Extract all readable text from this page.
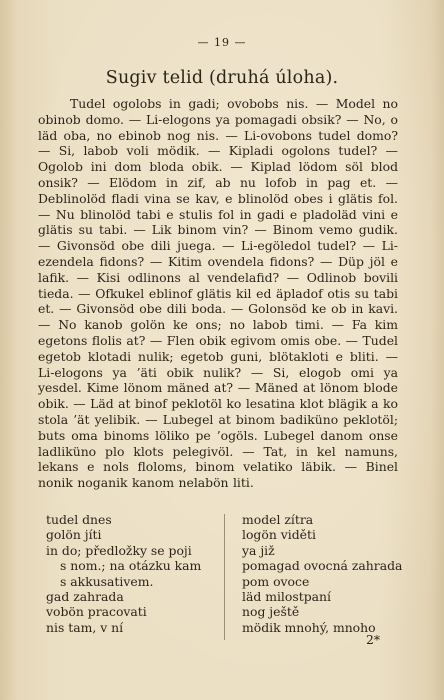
— 19 —
Sugiv telid (druhá úloha).

Tudel ogolobs in gadi; ovobobs nis. — Model no obinob domo. — Li-elogons ya pomagadi obsik? — No, o läd oba, no ebinob nog nis. — Li-ovobons tudel domo? — Si, labob voli mödik. — Kipladi ogolons tudel? — Ogolob ini dom bloda obik. — Kiplad lödom söl blod onsik? — Elödom in zif, ab nu lofob in pag et. — Deblinolöd fladi vina se kav, e blinolöd obes i glätis fol. — Nu blinolöd tabi e stulis fol in gadi e pladoläd vini e glätis su tabi. — Lik binom vin? — Binom vemo gudik. — Givonsöd obe dili juega. — Li-egöledol tudel? — Li-ezendela fidons? — Kitim ovendela fidons? — Düp jöl e lafik. — Kisi odlinons al vendelafid? — Odlinob bovili tieda. — Ofkukel eblinof glätis kil ed äpladof otis su tabi et. — Givonsöd obe dili boda. — Golonsöd ke ob in kavi. — No kanob golön ke ons; no labob timi. — Fa kim egetons flolis at? — Flen obik egivom omis obe. — Tudel egetob klotadi nulik; egetob guni, blötakloti e bliti. — Li-elogons ya ’äti obik nulik? — Si, elogob omi ya yesdel. Kime lönom mäned at? — Mäned at lönom blode obik. — Läd at binof peklotöl ko lesatina klot blägik a ko stola ’ät yelibik. — Lubegel at binom badiküno peklotöl; buts oma binoms löliko pe ’ogöls. Lubegel danom onse ladliküno plo klots pelegivöl. — Tat, in kel namuns, lekans e nols floloms, binom velatiko läbik. — Binel nonik noganik kanom nelabön liti.

tudel dnes
golön jíti
in do; předložky se poji
s nom.; na otázku kam
s akkusativem.
gad zahrada
vobön pracovati
nis tam, v ní
model zítra
logön viděti
ya již
pomagad ovocná zahrada
pom ovoce
läd milostpaní
nog ještě
mödik mnohý, mnoho
2*
